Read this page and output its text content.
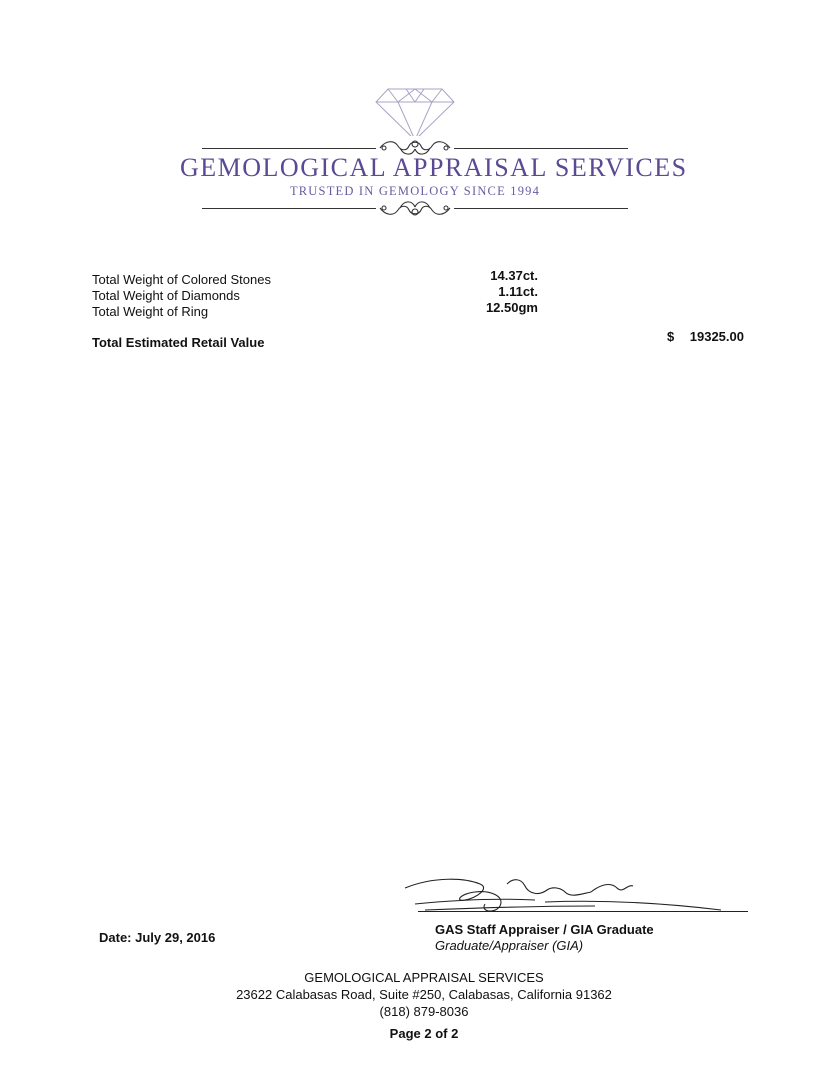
GEMOLOGICAL APPRAISAL SERVICES
TRUSTED IN GEMOLOGY SINCE 1994
Total Weight of Colored Stones	14.37ct.
Total Weight of Diamonds	1.11ct.
Total Weight of Ring	12.50gm
Total Estimated Retail Value	$	19325.00
Date: July 29, 2016
GAS Staff Appraiser / GIA Graduate
Graduate/Appraiser (GIA)
GEMOLOGICAL APPRAISAL SERVICES
23622 Calabasas Road, Suite #250, Calabasas, California 91362
(818) 879-8036
Page 2 of 2
